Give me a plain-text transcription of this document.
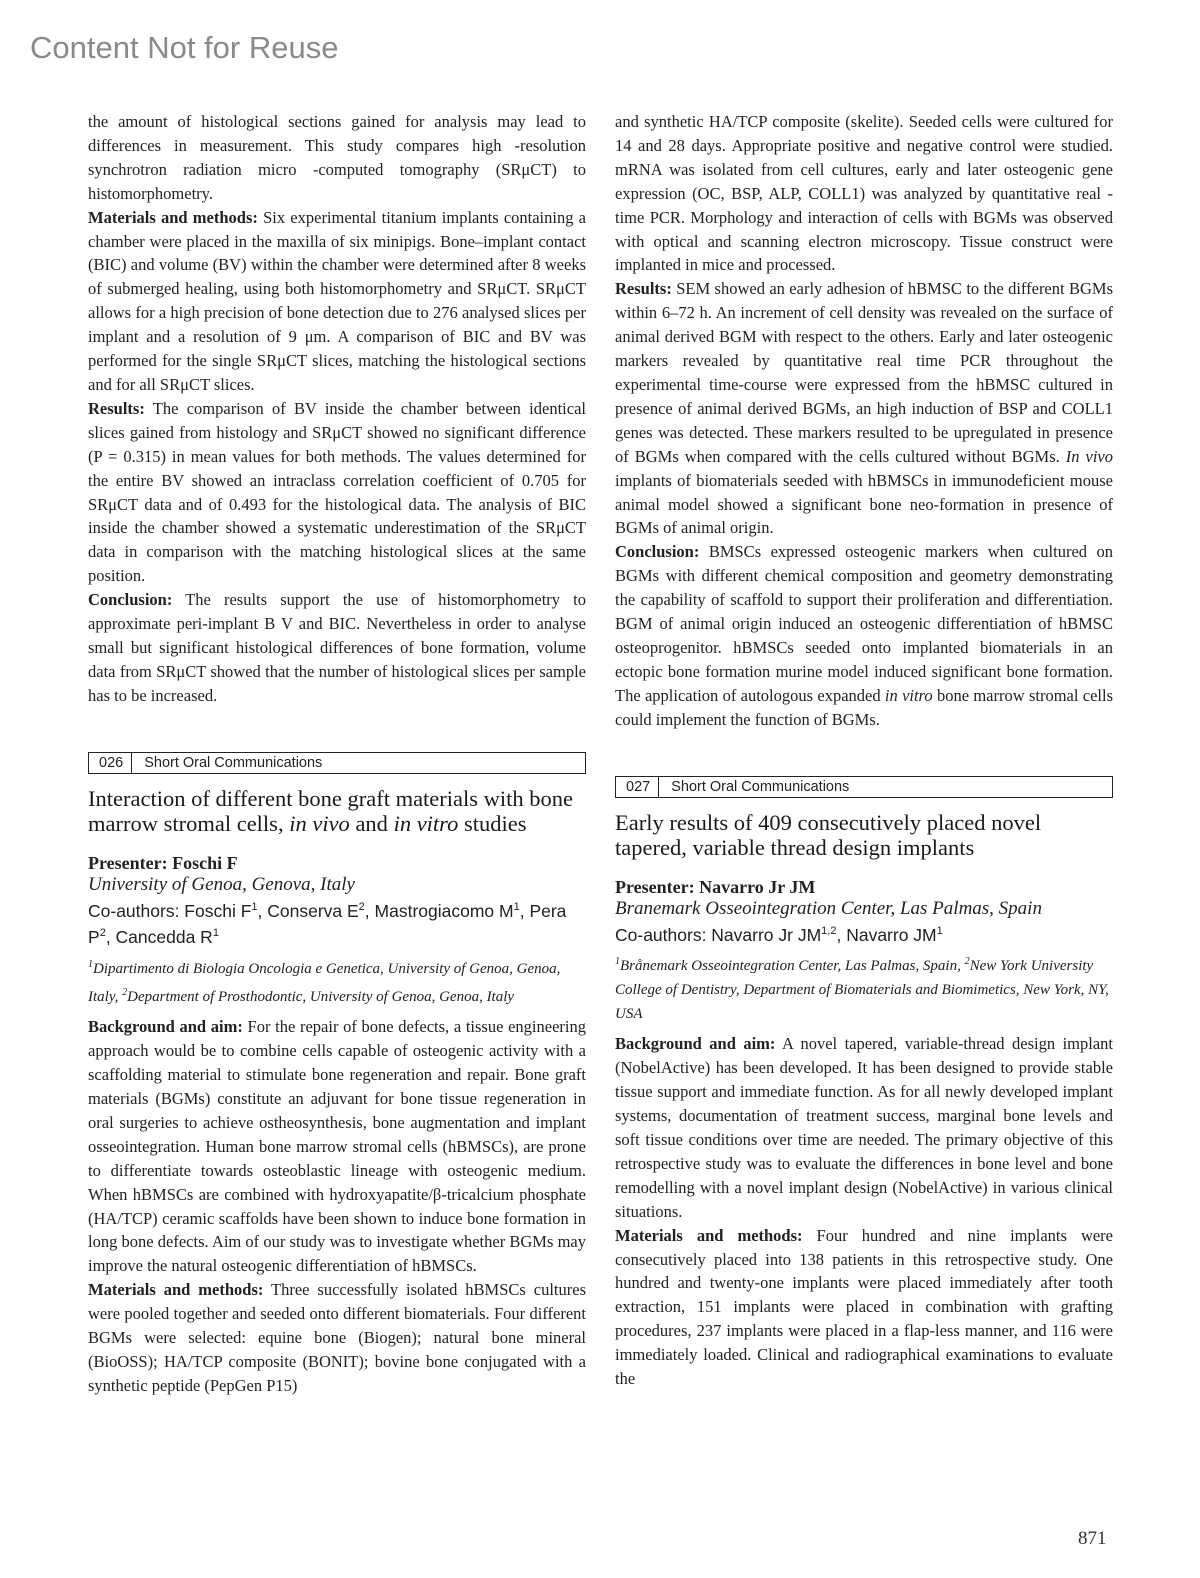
Content Not for Reuse

the amount of histological sections gained for analysis may lead to differences in measurement. This study compares high -resolution synchrotron radiation micro -computed tomography (SRμCT) to histomorphometry.

Materials and methods: Six experimental titanium implants containing a chamber were placed in the maxilla of six minipigs. Bone–implant contact (BIC) and volume (BV) within the chamber were determined after 8 weeks of submerged healing, using both histomorphometry and SRμCT. SRμCT allows for a high precision of bone detection due to 276 analysed slices per implant and a resolution of 9 μm. A comparison of BIC and BV was performed for the single SRμCT slices, matching the histological sections and for all SRμCT slices.

Results: The comparison of BV inside the chamber between identical slices gained from histology and SRμCT showed no significant difference (P = 0.315) in mean values for both methods. The values determined for the entire BV showed an intraclass correlation coefficient of 0.705 for SRμCT data and of 0.493 for the histological data. The analysis of BIC inside the chamber showed a systematic underestimation of the SRμCT data in comparison with the matching histological slices at the same position.

Conclusion: The results support the use of histomorphometry to approximate peri-implant B V and BIC. Nevertheless in order to analyse small but significant histological differences of bone formation, volume data from SRμCT showed that the number of histological slices per sample has to be increased.

026	Short Oral Communications
Interaction of different bone graft materials with bone marrow stromal cells, in vivo and in vitro studies
Presenter: Foschi F
University of Genoa, Genova, Italy
Co-authors: Foschi $F^1$, Conserva $E^2$, Mastrogiacomo $M^1$, Pera $P^2$, Cancedda $R^1$
$^1$Dipartimento di Biologia Oncologia e Genetica, University of Genoa, Genoa, Italy, $^2$Department of Prosthodontic, University of Genoa, Genoa, Italy

Background and aim: For the repair of bone defects, a tissue engineering approach would be to combine cells capable of osteogenic activity with a scaffolding material to stimulate bone regeneration and repair. Bone graft materials (BGMs) constitute an adjuvant for bone tissue regeneration in oral surgeries to achieve ostheosynthesis, bone augmentation and implant osseointegration. Human bone marrow stromal cells (hBMSCs), are prone to differentiate towards osteoblastic lineage with osteogenic medium. When hBMSCs are combined with hydroxyapatite/β-tricalcium phosphate (HA/TCP) ceramic scaffolds have been shown to induce bone formation in long bone defects. Aim of our study was to investigate whether BGMs may improve the natural osteogenic differentiation of hBMSCs.

Materials and methods: Three successfully isolated hBMSCs cultures were pooled together and seeded onto different biomaterials. Four different BGMs were selected: equine bone (Biogen); natural bone mineral (BioOSS); HA/TCP composite (BONIT); bovine bone conjugated with a synthetic peptide (PepGen P15)

and synthetic HA/TCP composite (skelite). Seeded cells were cultured for 14 and 28 days. Appropriate positive and negative control were studied. mRNA was isolated from cell cultures, early and later osteogenic gene expression (OC, BSP, ALP, COLL1) was analyzed by quantitative real -time PCR. Morphology and interaction of cells with BGMs was observed with optical and scanning electron microscopy. Tissue construct were implanted in mice and processed.

Results: SEM showed an early adhesion of hBMSC to the different BGMs within 6–72 h. An increment of cell density was revealed on the surface of animal derived BGM with respect to the others. Early and later osteogenic markers revealed by quantitative real time PCR throughout the experimental time-course were expressed from the hBMSC cultured in presence of animal derived BGMs, an high induction of BSP and COLL1 genes was detected. These markers resulted to be upregulated in presence of BGMs when compared with the cells cultured without BGMs. In vivo implants of biomaterials seeded with hBMSCs in immunodeficient mouse animal model showed a significant bone neo-formation in presence of BGMs of animal origin.

Conclusion: BMSCs expressed osteogenic markers when cultured on BGMs with different chemical composition and geometry demonstrating the capability of scaffold to support their proliferation and differentiation. BGM of animal origin induced an osteogenic differentiation of hBMSC osteoprogenitor. hBMSCs seeded onto implanted biomaterials in an ectopic bone formation murine model induced significant bone formation. The application of autologous expanded in vitro bone marrow stromal cells could implement the function of BGMs.

027	Short Oral Communications
Early results of 409 consecutively placed novel tapered, variable thread design implants
Presenter: Navarro Jr JM
Branemark Osseointegration Center, Las Palmas, Spain
Co-authors: Navarro Jr JM$^{1,2}$, Navarro $JM^1$
$^1$Brånemark Osseointegration Center, Las Palmas, Spain, $^2$New York University College of Dentistry, Department of Biomaterials and Biomimetics, New York, NY, USA

Background and aim: A novel tapered, variable-thread design implant (NobelActive) has been developed. It has been designed to provide stable tissue support and immediate function. As for all newly developed implant systems, documentation of treatment success, marginal bone levels and soft tissue conditions over time are needed. The primary objective of this retrospective study was to evaluate the differences in bone level and bone remodelling with a novel implant design (NobelActive) in various clinical situations.

Materials and methods: Four hundred and nine implants were consecutively placed into 138 patients in this retrospective study. One hundred and twenty-one implants were placed immediately after tooth extraction, 151 implants were placed in combination with grafting procedures, 237 implants were placed in a flap-less manner, and 116 were immediately loaded. Clinical and radiographical examinations to evaluate the

871
